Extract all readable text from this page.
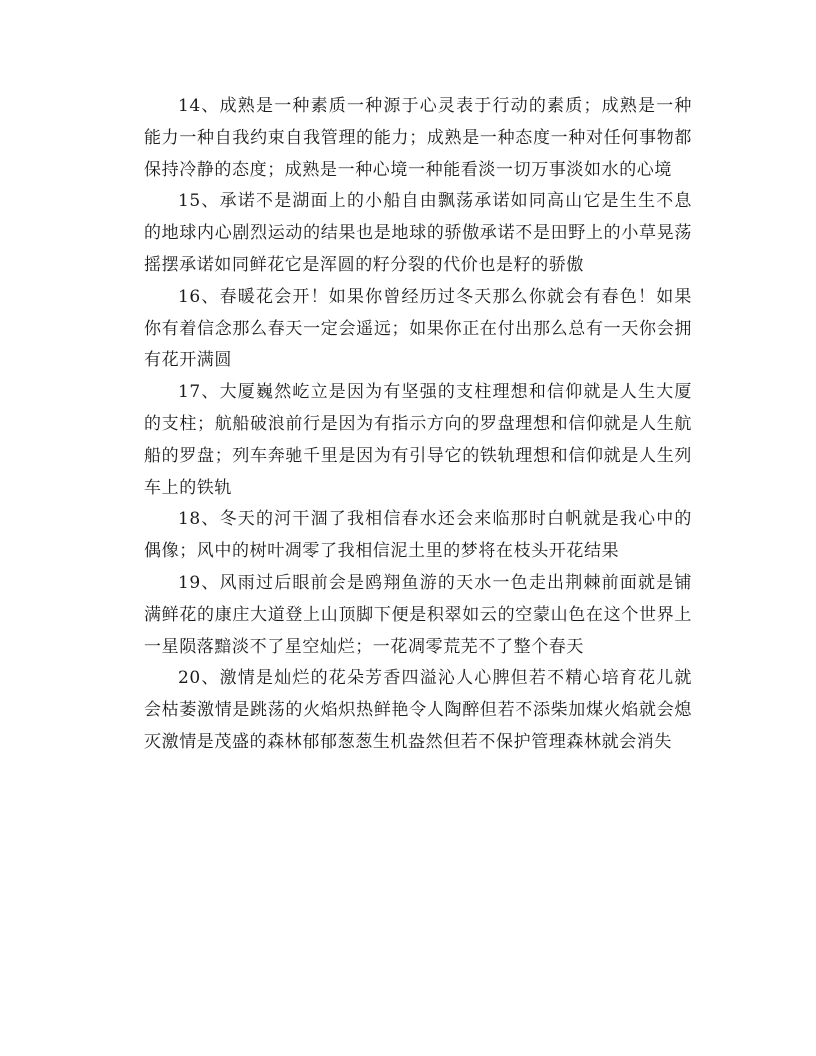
14、成熟是一种素质一种源于心灵表于行动的素质；成熟是一种能力一种自我约束自我管理的能力；成熟是一种态度一种对任何事物都保持冷静的态度；成熟是一种心境一种能看淡一切万事淡如水的心境

15、承诺不是湖面上的小船自由飘荡承诺如同高山它是生生不息的地球内心剧烈运动的结果也是地球的骄傲承诺不是田野上的小草晃荡摇摆承诺如同鲜花它是浑圆的籽分裂的代价也是籽的骄傲

16、春暖花会开！如果你曾经历过冬天那么你就会有春色！如果你有着信念那么春天一定会遥远；如果你正在付出那么总有一天你会拥有花开满圆

17、大厦巍然屹立是因为有坚强的支柱理想和信仰就是人生大厦的支柱；航船破浪前行是因为有指示方向的罗盘理想和信仰就是人生航船的罗盘；列车奔驰千里是因为有引导它的铁轨理想和信仰就是人生列车上的铁轨

18、冬天的河干涸了我相信春水还会来临那时白帆就是我心中的偶像；风中的树叶凋零了我相信泥土里的梦将在枝头开花结果

19、风雨过后眼前会是鸥翔鱼游的天水一色走出荆棘前面就是铺满鲜花的康庄大道登上山顶脚下便是积翠如云的空蒙山色在这个世界上一星陨落黯淡不了星空灿烂；一花凋零荒芜不了整个春天

20、激情是灿烂的花朵芳香四溢沁人心脾但若不精心培育花儿就会枯萎激情是跳荡的火焰炽热鲜艳令人陶醉但若不添柴加煤火焰就会熄灭激情是茂盛的森林郁郁葱葱生机盎然但若不保护管理森林就会消失
